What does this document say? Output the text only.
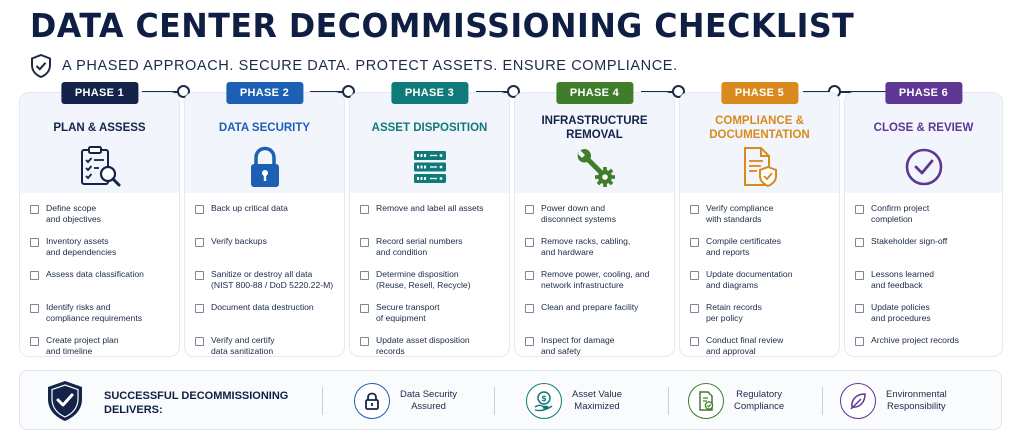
DATA CENTER DECOMMISSIONING CHECKLIST
A PHASED APPROACH. SECURE DATA. PROTECT ASSETS. ENSURE COMPLIANCE.
PHASE 1
PLAN & ASSESS
Define scope
and objectives
Inventory assets
and dependencies
Assess data classification
Identify risks and
compliance requirements
Create project plan
and timeline
PHASE 2
DATA SECURITY
Back up critical data
Verify backups
Sanitize or destroy all data
(NIST 800-88 / DoD 5220.22-M)
Document data destruction
Verify and certify
data sanitization
PHASE 3
ASSET DISPOSITION
Remove and label all assets
Record serial numbers
and condition
Determine disposition
(Reuse, Resell, Recycle)
Secure transport
of equipment
Update asset disposition
records
PHASE 4
INFRASTRUCTURE
REMOVAL
Power down and
disconnect systems
Remove racks, cabling,
and hardware
Remove power, cooling, and
network infrastructure
Clean and prepare facility
Inspect for damage
and safety
PHASE 5
COMPLIANCE &
DOCUMENTATION
Verify compliance
with standards
Compile certificates
and reports
Update documentation
and diagrams
Retain records
per policy
Conduct final review
and approval
PHASE 6
CLOSE & REVIEW
Confirm project
completion
Stakeholder sign-off
Lessons learned
and feedback
Update policies
and procedures
Archive project records
SUCCESSFUL DECOMMISSIONING
DELIVERS:
Data Security
Assured
$	Asset Value
Maximized
Regulatory
Compliance
Environmental
Responsibility
